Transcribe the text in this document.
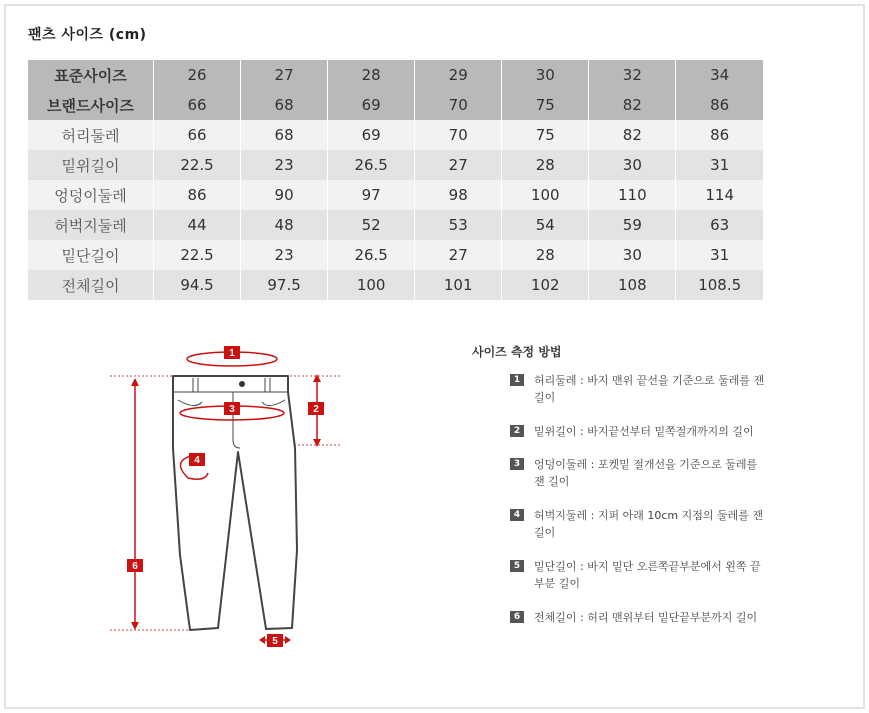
팬츠 사이즈 (cm)
표준사이즈	26	27	28	29	30	32	34
브랜드사이즈	66	68	69	70	75	82	86
허리둘레	66	68	69	70	75	82	86
밑위길이	22.5	23	26.5	27	28	30	31
엉덩이둘레	86	90	97	98	100	110	114
허벅지둘레	44	48	52	53	54	59	63
밑단길이	22.5	23	26.5	27	28	30	31
전체길이	94.5	97.5	100	101	102	108	108.5
1
2
3
4
5
6
사이즈 측정 방법
1	허리둘레 : 바지 맨위 끝선을 기준으로 둘레를 잰 길이
2	밑위길이 : 바지끝선부터 밑쪽절개까지의 길이
3	엉덩이둘레 : 포켓밑 절개선을 기준으로 둘레를 잰 길이
4	허벅지둘레 : 지퍼 아래 10cm 지점의 둘레를 잰 길이
5	밑단길이 : 바지 밑단 오른쪽끝부분에서 왼쪽 끝부분 길이
6	전체길이 : 허리 맨위부터 밑단끝부분까지 길이
